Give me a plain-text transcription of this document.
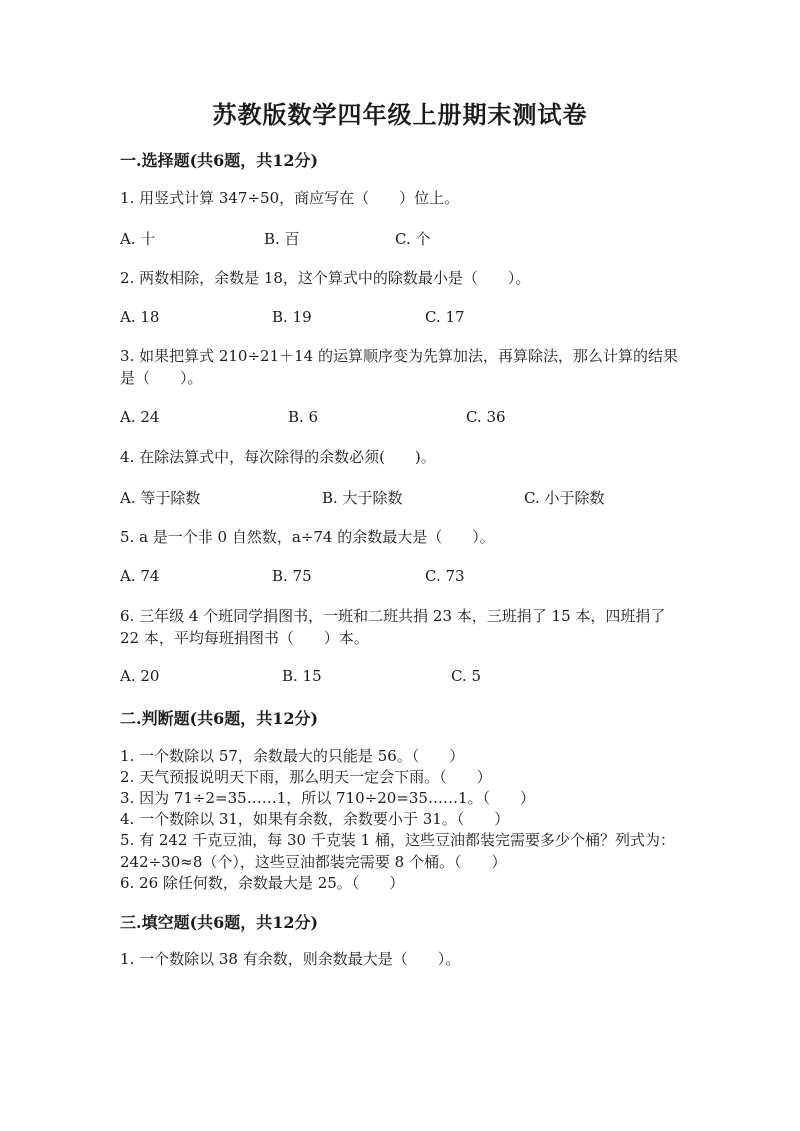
苏教版数学四年级上册期末测试卷
一.选择题(共6题，共12分)
1. 用竖式计算 347÷50，商应写在（　　）位上。
A. 十	B. 百	C. 个
2. 两数相除，余数是 18，这个算式中的除数最小是（　　）。
A. 18	B. 19	C. 17
3. 如果把算式 210÷21＋14 的运算顺序变为先算加法，再算除法，那么计算的结果是（　　）。
A. 24	B. 6	C. 36
4. 在除法算式中，每次除得的余数必须(　　)。
A. 等于除数	B. 大于除数	C. 小于除数
5. a 是一个非 0 自然数，a÷74 的余数最大是（　　）。
A. 74	B. 75	C. 73
6. 三年级 4 个班同学捐图书，一班和二班共捐 23 本，三班捐了 15 本，四班捐了 22 本，平均每班捐图书（　　）本。
A. 20	B. 15	C. 5
二.判断题(共6题，共12分)
1. 一个数除以 57，余数最大的只能是 56。（　　）
2. 天气预报说明天下雨，那么明天一定会下雨。（　　）
3. 因为 71÷2=35……1，所以 710÷20=35……1。（　　）
4. 一个数除以 31，如果有余数，余数要小于 31。（　　）
5. 有 242 千克豆油，每 30 千克装 1 桶，这些豆油都装完需要多少个桶？列式为：242÷30≈8（个），这些豆油都装完需要 8 个桶。（　　）
6. 26 除任何数，余数最大是 25。（　　）
三.填空题(共6题，共12分)
1. 一个数除以 38 有余数，则余数最大是（　　）。
